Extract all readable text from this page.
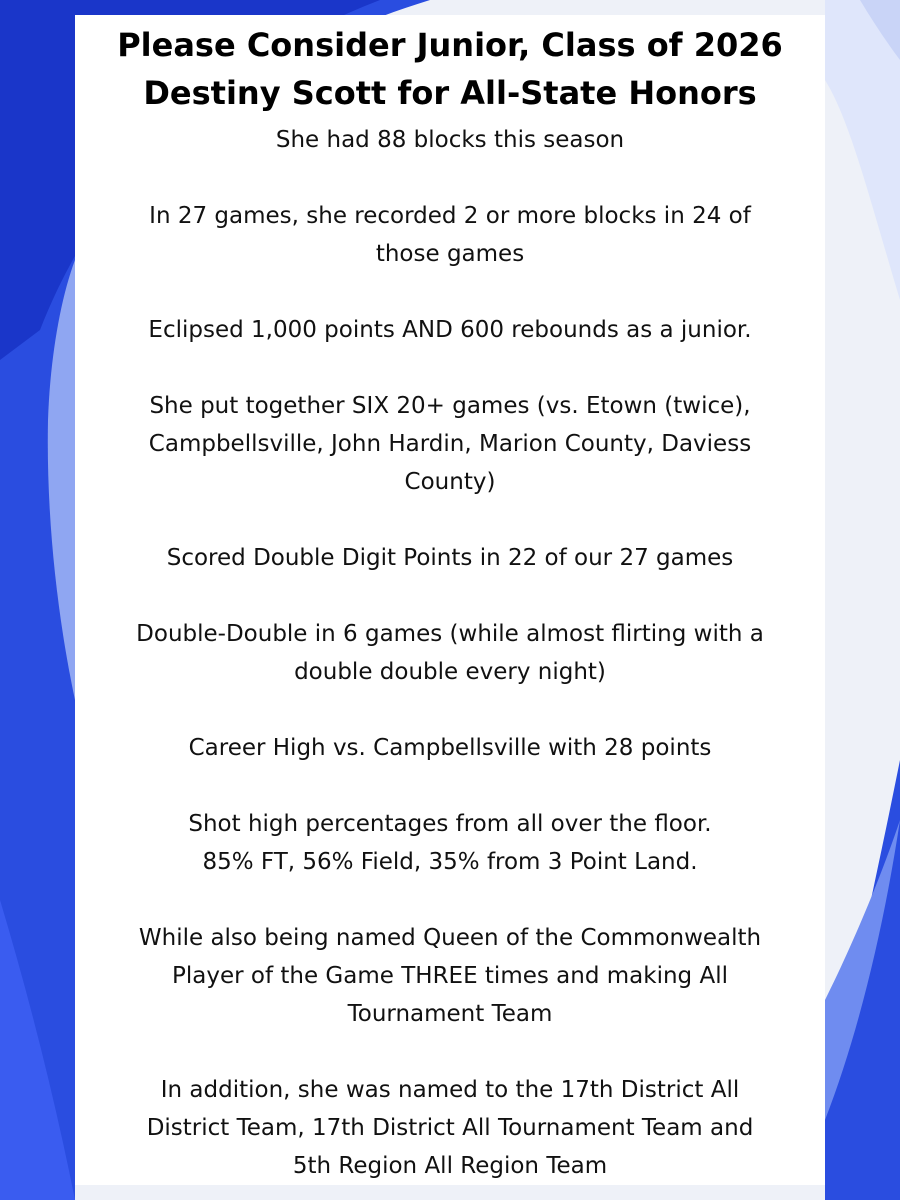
Please Consider Junior, Class of 2026
Destiny Scott for All-State Honors

She had 88 blocks this season

In 27 games, she recorded 2 or more blocks in 24 of

those games

Eclipsed 1,000 points AND 600 rebounds as a junior.

She put together SIX 20+ games (vs. Etown (twice),

Campbellsville, John Hardin, Marion County, Daviess

County)

Scored Double Digit Points in 22 of our 27 games

Double-Double in 6 games (while almost flirting with a

double double every night)

Career High vs. Campbellsville with 28 points

Shot high percentages from all over the floor.

85% FT, 56% Field, 35% from 3 Point Land.

While also being named Queen of the Commonwealth

Player of the Game THREE times and making All

Tournament Team

In addition, she was named to the 17th District All

District Team, 17th District All Tournament Team and

5th Region All Region Team
